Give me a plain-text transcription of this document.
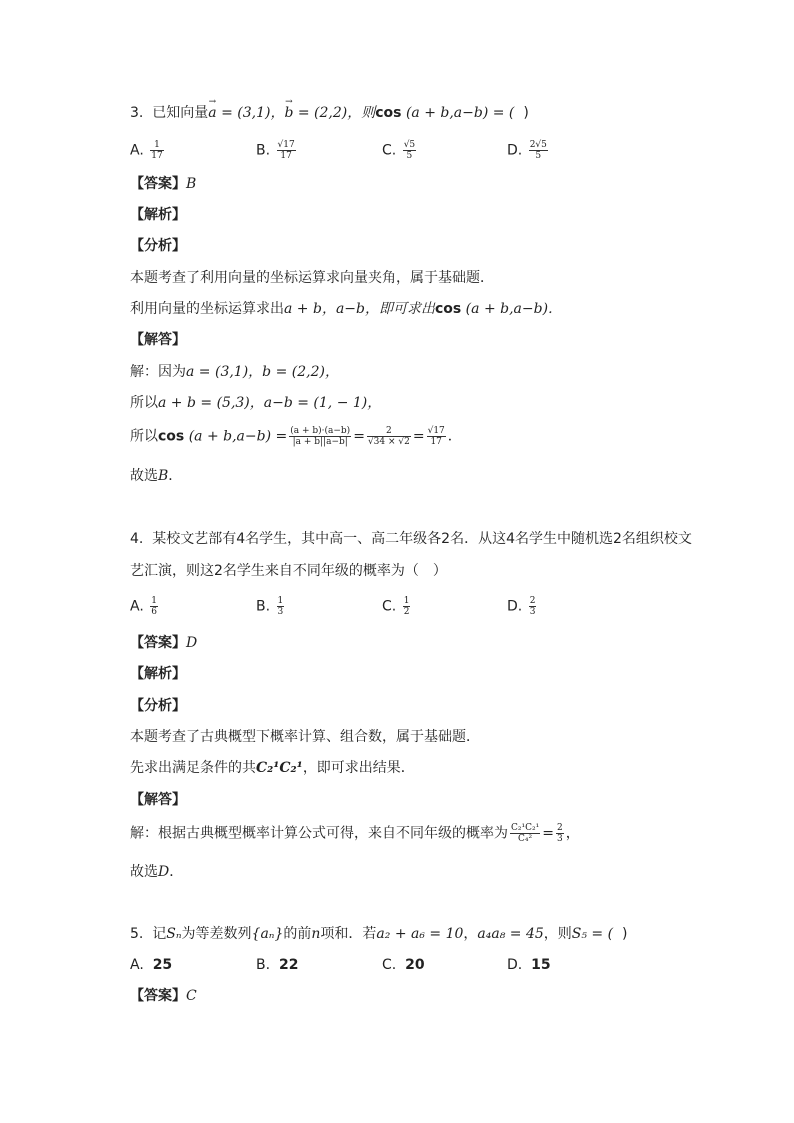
3. 已知向量→ a = (3,1)，→ b = (2,2)，则cos (a + b,a−b) = ( )
A. $\frac{1}{17}$	B. $\frac{√17}{17}$	C. $\frac{√5}{5}$	D. $\frac{2√5}{5}$
【答案】B
【解析】
【分析】
本题考查了利用向量的坐标运算求向量夹角，属于基础题．
利用向量的坐标运算求出a + b，a−b，即可求出cos (a + b,a−b)．
【解答】
解：因为a = (3,1)，b = (2,2)，
所以a + b = (5,3)，a−b = (1, − 1)，
所以$\cos (a + b,a-b) = \frac{(a + b)\cdot(a-b)}{|a + b||a-b|} = \frac{2}{√34 \times √2} = \frac{√17}{17}$ ．
故选B．
4. 某校文艺部有4名学生，其中高一、高二年级各2名．从这4名学生中随机选2名组织校文
艺汇演，则这2名学生来自不同年级的概率为（　）
A. $\frac{1}{6}$	B. $\frac{1}{3}$	C. $\frac{1}{2}$	D. $\frac{2}{3}$
【答案】D
【解析】
【分析】
本题考查了古典概型下概率计算、组合数，属于基础题．
先求出满足条件的共C₂¹C₂¹，即可求出结果．
【解答】
解：根据古典概型概率计算公式可得，来自不同年级的概率为 $\frac{\text{C₂¹C₂¹}}{\text{C₄²}} = \frac{2}{3}$ ，
故选D．
5. 记Sₙ为等差数列{aₙ}的前n项和．若a₂ + a₆ = 10，a₄a₈ = 45，则S₅ = ( )
A. 25	B. 22	C. 20	D. 15
【答案】C
